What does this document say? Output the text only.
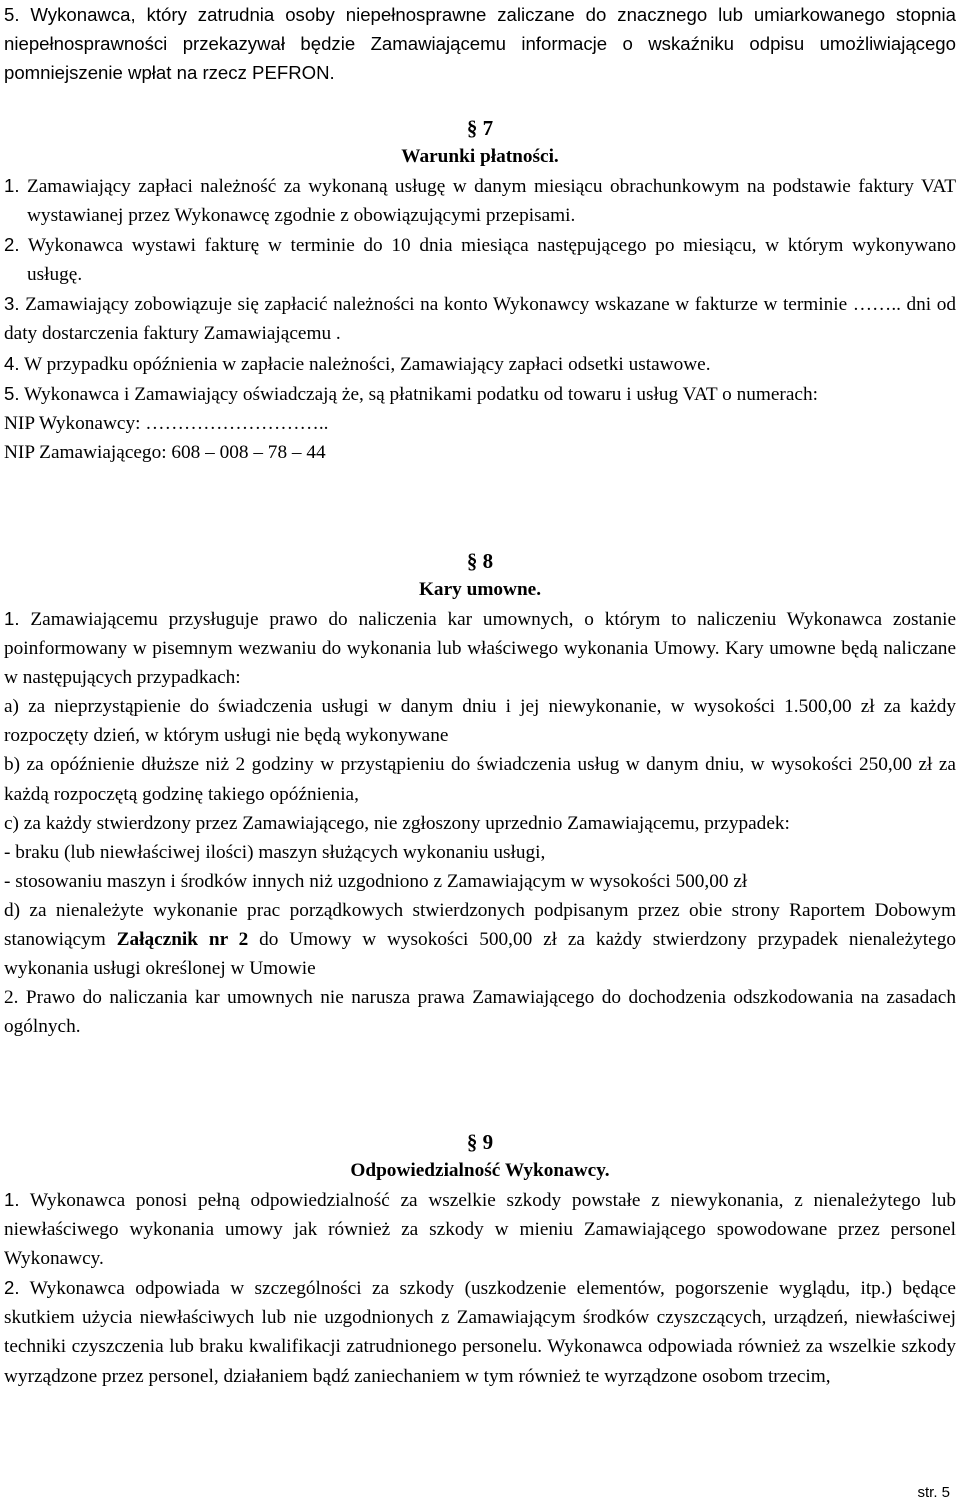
5. Wykonawca, który zatrudnia osoby niepełnosprawne zaliczane do znacznego lub umiarkowanego stopnia niepełnosprawności przekazywał będzie Zamawiającemu informacje o wskaźniku odpisu umożliwiającego pomniejszenie wpłat na rzecz PEFRON.

§ 7

Warunki płatności.

1. Zamawiający zapłaci należność za wykonaną usługę w danym miesiącu obrachunkowym na podstawie faktury VAT wystawianej przez Wykonawcę zgodnie z obowiązującymi przepisami.

2. Wykonawca wystawi fakturę w terminie do 10 dnia miesiąca następującego po miesiącu, w którym wykonywano usługę.

3. Zamawiający zobowiązuje się zapłacić należności na konto Wykonawcy wskazane w fakturze w terminie …….. dni od daty dostarczenia faktury Zamawiającemu .

4. W przypadku opóźnienia w zapłacie należności, Zamawiający zapłaci odsetki ustawowe.

5. Wykonawca i Zamawiający oświadczają że, są płatnikami podatku od towaru i usług VAT o numerach:

NIP Wykonawcy: ………………………..

NIP Zamawiającego: 608 – 008 – 78 – 44

§ 8

Kary umowne.

1. Zamawiającemu przysługuje prawo do naliczenia kar umownych, o którym to naliczeniu Wykonawca zostanie poinformowany w pisemnym wezwaniu do wykonania lub właściwego wykonania Umowy. Kary umowne będą naliczane w następujących przypadkach:

a) za nieprzystąpienie do świadczenia usługi w danym dniu i jej niewykonanie, w wysokości 1.500,00 zł za każdy rozpoczęty dzień, w którym usługi nie będą wykonywane

b) za opóźnienie dłuższe niż 2 godziny w przystąpieniu do świadczenia usług w danym dniu, w wysokości 250,00 zł za każdą rozpoczętą godzinę takiego opóźnienia,

c) za każdy stwierdzony przez Zamawiającego, nie zgłoszony uprzednio Zamawiającemu, przypadek:

- braku (lub niewłaściwej ilości) maszyn służących wykonaniu usługi,

- stosowaniu maszyn i środków innych niż uzgodniono z Zamawiającym w wysokości 500,00 zł

d) za nienależyte wykonanie prac porządkowych stwierdzonych podpisanym przez obie strony Raportem Dobowym stanowiącym Załącznik nr 2 do Umowy w wysokości 500,00 zł za każdy stwierdzony przypadek nienależytego wykonania usługi określonej w Umowie

2. Prawo do naliczania kar umownych nie narusza prawa Zamawiającego do dochodzenia odszkodowania na zasadach ogólnych.

§ 9

Odpowiedzialność Wykonawcy.

1. Wykonawca ponosi pełną odpowiedzialność za wszelkie szkody powstałe z niewykonania, z nienależytego lub niewłaściwego wykonania umowy jak również za szkody w mieniu Zamawiającego spowodowane przez personel Wykonawcy.

2. Wykonawca odpowiada w szczególności za szkody (uszkodzenie elementów, pogorszenie wyglądu, itp.) będące skutkiem użycia niewłaściwych lub nie uzgodnionych z Zamawiającym środków czyszczących, urządzeń, niewłaściwej techniki czyszczenia lub braku kwalifikacji zatrudnionego personelu. Wykonawca odpowiada również za wszelkie szkody wyrządzone przez personel, działaniem bądź zaniechaniem w tym również te wyrządzone osobom trzecim,

str. 5
